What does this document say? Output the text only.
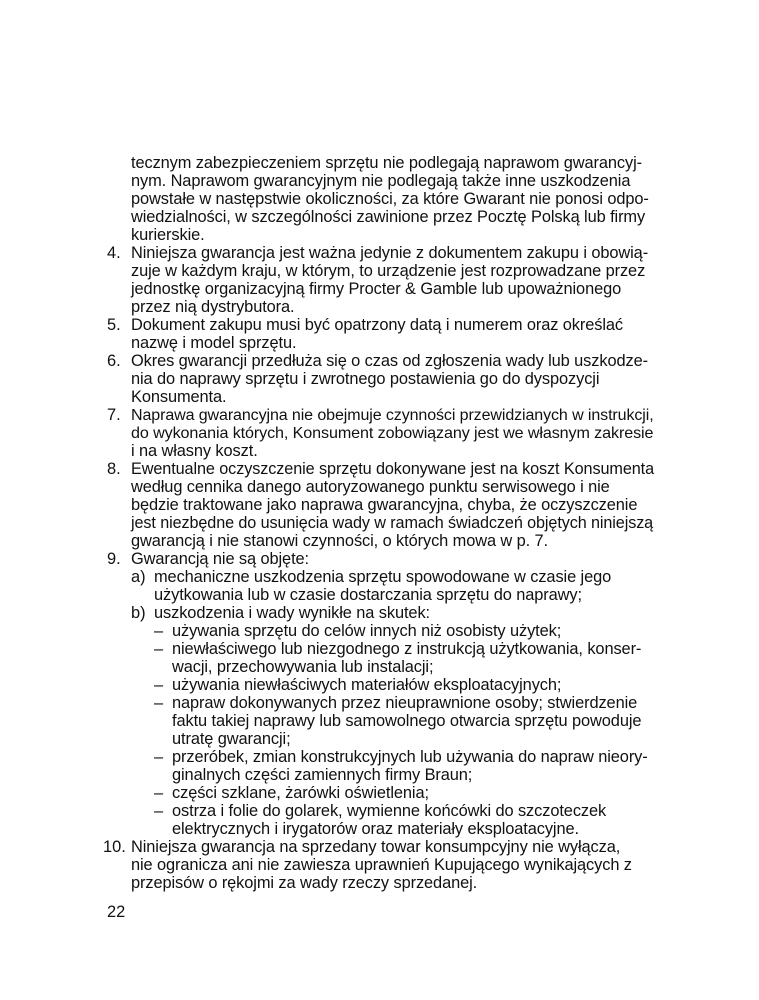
tecznym zabezpieczeniem sprzętu nie podlegają naprawom gwarancyj-
nym. Naprawom gwarancyjnym nie podlegają także inne uszkodzenia
powstałe w następstwie okoliczności, za które Gwarant nie ponosi odpo-
wiedzialności, w szczególności zawinione przez Pocztę Polską lub firmy
kurierskie.
4. Niniejsza gwarancja jest ważna jedynie z dokumentem zakupu i obowią-
zuje w każdym kraju, w którym, to urządzenie jest rozprowadzane przez
jednostkę organizacyjną firmy Procter & Gamble lub upoważnionego
przez nią dystrybutora.
5. Dokument zakupu musi być opatrzony datą i numerem oraz określać
nazwę i model sprzętu.
6. Okres gwarancji przedłuża się o czas od zgłoszenia wady lub uszkodze-
nia do naprawy sprzętu i zwrotnego postawienia go do dyspozycji
Konsumenta.
7. Naprawa gwarancyjna nie obejmuje czynności przewidzianych w instrukcji,
do wykonania których, Konsument zobowiązany jest we własnym zakresie
i na własny koszt.
8. Ewentualne oczyszczenie sprzętu dokonywane jest na koszt Konsumenta
według cennika danego autoryzowanego punktu serwisowego i nie
będzie traktowane jako naprawa gwarancyjna, chyba, że oczyszczenie
jest niezbędne do usunięcia wady w ramach świadczeń objętych niniejszą
gwarancją i nie stanowi czynności, o których mowa w p. 7.
9. Gwarancją nie są objęte:
a) mechaniczne uszkodzenia sprzętu spowodowane w czasie jego
użytkowania lub w czasie dostarczania sprzętu do naprawy;
b) uszkodzenia i wady wynikłe na skutek:
– używania sprzętu do celów innych niż osobisty użytek;
– niewłaściwego lub niezgodnego z instrukcją użytkowania, konser-
wacji, przechowywania lub instalacji;
– używania niewłaściwych materiałów eksploatacyjnych;
– napraw dokonywanych przez nieuprawnione osoby; stwierdzenie
faktu takiej naprawy lub samowolnego otwarcia sprzętu powoduje
utratę gwarancji;
– przeróbek, zmian konstrukcyjnych lub używania do napraw nieory-
ginalnych części zamiennych firmy Braun;
– części szklane, żarówki oświetlenia;
– ostrza i folie do golarek, wymienne końcówki do szczoteczek
elektrycznych i irygatorów oraz materiały eksploatacyjne.
10. Niniejsza gwarancja na sprzedany towar konsumpcyjny nie wyłącza,
nie ogranicza ani nie zawiesza uprawnień Kupującego wynikających z
przepisów o rękojmi za wady rzeczy sprzedanej.
22
